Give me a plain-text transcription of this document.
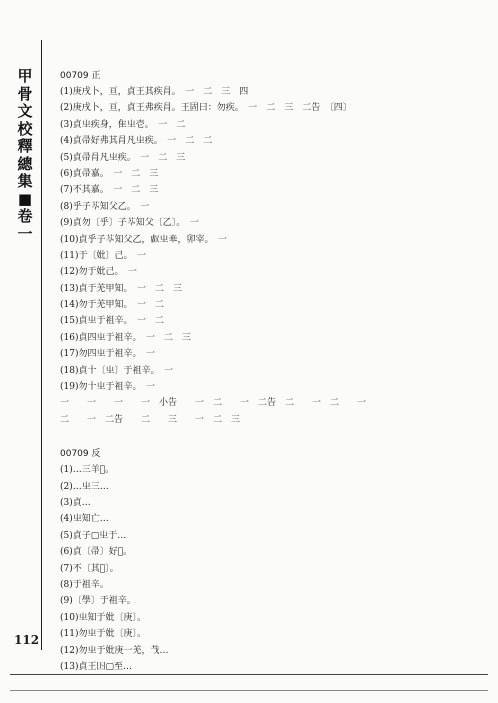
甲
骨
文
校
釋
總
集
■
卷
一
112
00709 正
(1)庚戌卜，亘，貞王其疾肙。　一　二　三　四
(2)庚戌卜，亘，貞王弗疾肙。王固曰：勿疾。　一　二　三　二告　〔四〕
(3)貞㞢疾身，隹㞢壱。　一　二
(4)貞帚好弗其肙凡㞢疾。　一　二　二
(5)貞帚肙凡㞢疾。　一　二　三
(6)貞帚嘉。　一　二　三
(7)不其嘉。　一　二　三
(8)乎子𦬡知父乙。　一
(9)貞勿〔乎〕子𦬡知父〔乙〕。　一
(10)貞乎子𦬡知父乙，𠭯㞢𠦪，卯宰。　一
(11)于〔妣〕己。　一
(12)勿于妣己。　一
(13)貞于羌甲知。　一　二　三
(14)勿于羌甲知。　一　二
(15)貞㞢于祖辛。　一　二
(16)貞四㞢于祖辛。　一　二　三
(17)勿四㞢于祖辛。　一
(18)貞十〔㞢〕于祖辛。　一
(19)勿十㞢于祖辛。　一
一　　一　　一　　一　小告　　一　二　　一　二告　二　　一　二　　一
二　　一　二告　　二　　三　　一　二　三
00709 反
(1)…三羊𡚶。
(2)…㞢三…
(3)貞…
(4)㞢知亡…
(5)貞子▢㞢于…
(6)貞〔帚〕好𡚶。
(7)不〔其𡚶〕。
(8)于祖辛。
(9)〔學〕于祖辛。
(10)㞢知于妣〔庚〕。
(11)勿㞢于妣〔庚〕。
(12)勿㞢于妣庚一羌，𢦏…
(13)貞王𡆥▢至…
